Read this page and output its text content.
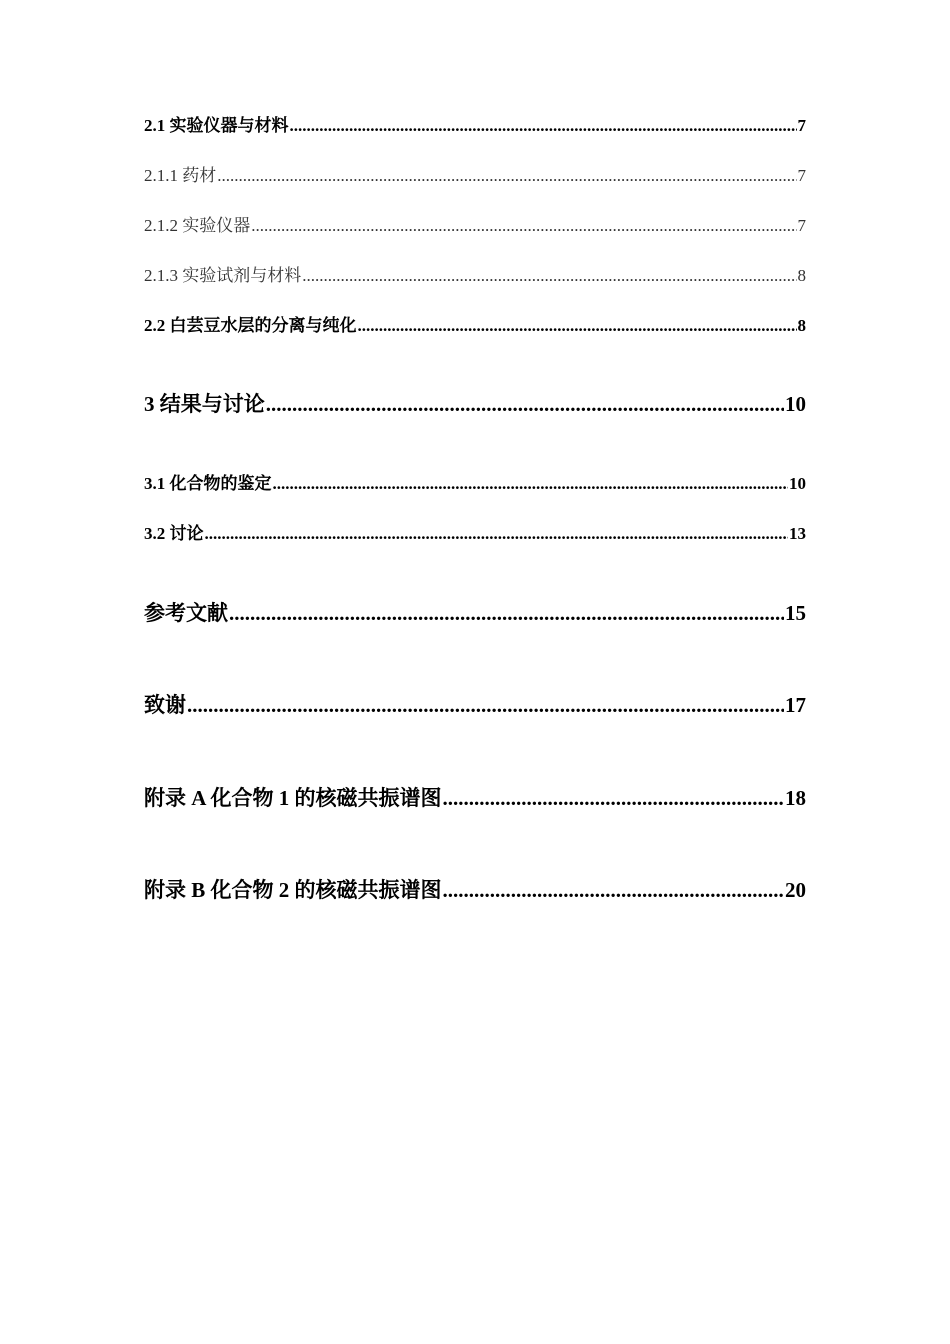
2.1 实验仪器与材料 .....	7
2.1.1 药材 .....	7
2.1.2 实验仪器 .....	7
2.1.3 实验试剂与材料 .....	8
2.2 白芸豆水层的分离与纯化 .....	8
3 结果与讨论 .....	10
3.1 化合物的鉴定 .....	10
3.2 讨论 .....	13
参考文献 .....	15
致谢 .....	17
附录 A 化合物 1 的核磁共振谱图 .....	18
附录 B 化合物 2 的核磁共振谱图 .....	20
